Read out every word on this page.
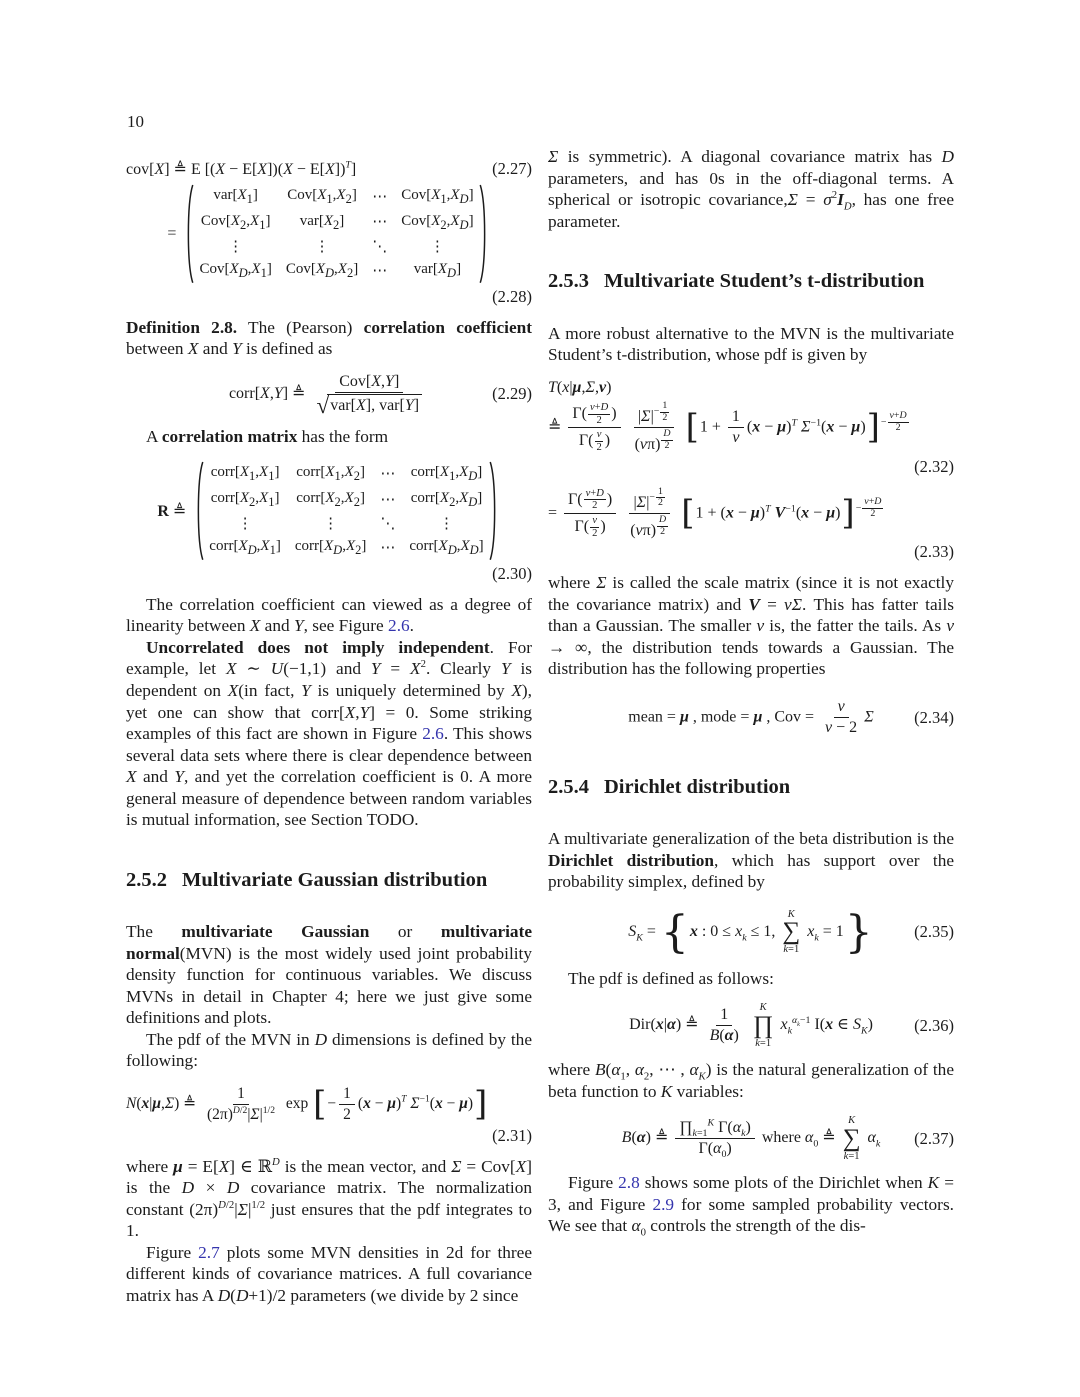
10
cov[X] ≜ E $[(X - E[X])(X - E[X])^T]$	(2.27)
=
$var[X_1]$ $Cov[X_1,X_2]$ ⋯ $Cov[X_1,X_D]$
$Cov[X_2,X_1]$ $var[X_2]$ ⋯ $Cov[X_2,X_D]$
⋮	⋮	⋱	⋮
$Cov[X_D,X_1]$ $Cov[X_D,X_2]$ ⋯ $var[X_D]$
(2.28)

Definition 2.8. The (Pearson) correlation coefficient between X and Y is defined as

corr[X,Y] ≜
Cov[X,Y]
√ var[X], var[Y]
(2.29)

A correlation matrix has the form

R ≜
$corr[X_1,X_1]$ $corr[X_1,X_2]$ ⋯ $corr[X_1,X_D]$
$corr[X_2,X_1]$ $corr[X_2,X_2]$ ⋯ $corr[X_2,X_D]$
⋮	⋮	⋱	⋮
$corr[X_D,X_1]$ $corr[X_D,X_2]$ ⋯ $corr[X_D,X_D]$
(2.30)

The correlation coefficient can viewed as a degree of linearity between X and Y, see Figure 2.6.

Uncorrelated does not imply independent. For example, let X ∼ U(−1,1) and $Y = X^2$. Clearly Y is dependent on X(in fact, Y is uniquely determined by X), yet one can show that corr[X,Y] = 0. Some striking examples of this fact are shown in Figure 2.6. This shows several data sets where there is clear dependence between X and Y, and yet the correlation coefficient is 0. A more general measure of dependence between random variables is mutual information, see Section TODO.

2.5.2 Multivariate Gaussian distribution

The multivariate Gaussian or multivariate normal(MVN) is the most widely used joint probability density function for continuous variables. We discuss MVNs in detail in Chapter 4; here we just give some definitions and plots.

The pdf of the MVN in D dimensions is defined by the following:

N(x|μ,Σ) ≜ $\frac{1}{(2\pi)^{D/2}|\Sigma|^{1/2}}$ exp [− $\frac{1}{2} (x - \mu)^T$ $\Sigma^{-1}(x - \mu)$]
(2.31)

where μ = E[X] ∈ ℝ$^D$ is the mean vector, and Σ = Cov[X] is the D × D covariance matrix. The normalization constant $(2\pi)^{D/2}|\Sigma|^{1/2}$ just ensures that the pdf integrates to 1.

Figure 2.7 plots some MVN densities in 2d for three different kinds of covariance matrices. A full covariance matrix has A D(D+1)/2 parameters (we divide by 2 since

Σ is symmetric). A diagonal covariance matrix has D parameters, and has 0s in the off-diagonal terms. A spherical or isotropic covariance,Σ = $\sigma^2I_D$, has one free parameter.

2.5.3 Multivariate Student’s t-distribution

A more robust alternative to the MVN is the multivariate Student’s t-distribution, whose pdf is given by

T(x|μ,Σ,ν)
≜ $\frac{\Gamma( \frac{\nu+D}{2} )}{\Gamma( \frac{\nu}{2} )}$
$|\Sigma|^{- \frac{1}{2}}$
(νπ) $^{\frac{D}{2}}$ [$1 + \frac{1}{\nu} (x - \mu)^T$ $\Sigma^{-1}(x - \mu)]^{- \frac{\nu+D}{2}}$
(2.32)
= $\frac{\Gamma( \frac{\nu+D}{2} )}{\Gamma( \frac{\nu}{2} )}$
$|\Sigma|^{- \frac{1}{2}}$
(νπ) $^{\frac{D}{2}}$ [$1 + (x - \mu)^T$ $V^{-1}(x - \mu)]^{- \frac{\nu+D}{2}}$
(2.33)

where Σ is called the scale matrix (since it is not exactly the covariance matrix) and V = νΣ. This has fatter tails than a Gaussian. The smaller ν is, the fatter the tails. As ν → ∞, the distribution tends towards a Gaussian. The distribution has the following properties

mean = μ , mode = μ , Cov = $\frac{\nu}{\nu - 2}$ Σ (2.34)
2.5.4 Dirichlet distribution

A multivariate generalization of the beta distribution is the Dirichlet distribution, which has support over the probability simplex, defined by

$S_K = \{x$ : $0 \le x_k \le 1$,
K
∑
k=1
$x_k = 1$}	(2.35)

The pdf is defined as follows:

Dir(x|α) ≜ $\frac{1}{B(\alpha)}$
K
∏
k=1
$x_k^{\alpha_k-1}$ I(x ∈ $S_K$) (2.36)

where $B(\alpha_1$, $\alpha_2$, ⋯ , $\alpha_K$) is the natural generalization of the beta function to K variables:

B(α) ≜ $\frac{\prod_{k=1}^K \Gamma(\alpha_k)}{\Gamma(\alpha_0)}$ where $\alpha_0$ ≜
K
∑
k=1
$\alpha_k$ (2.37)

Figure 2.8 shows some plots of the Dirichlet when K = 3, and Figure 2.9 for some sampled probability vectors. We see that $\alpha_0$ controls the strength of the dis-
